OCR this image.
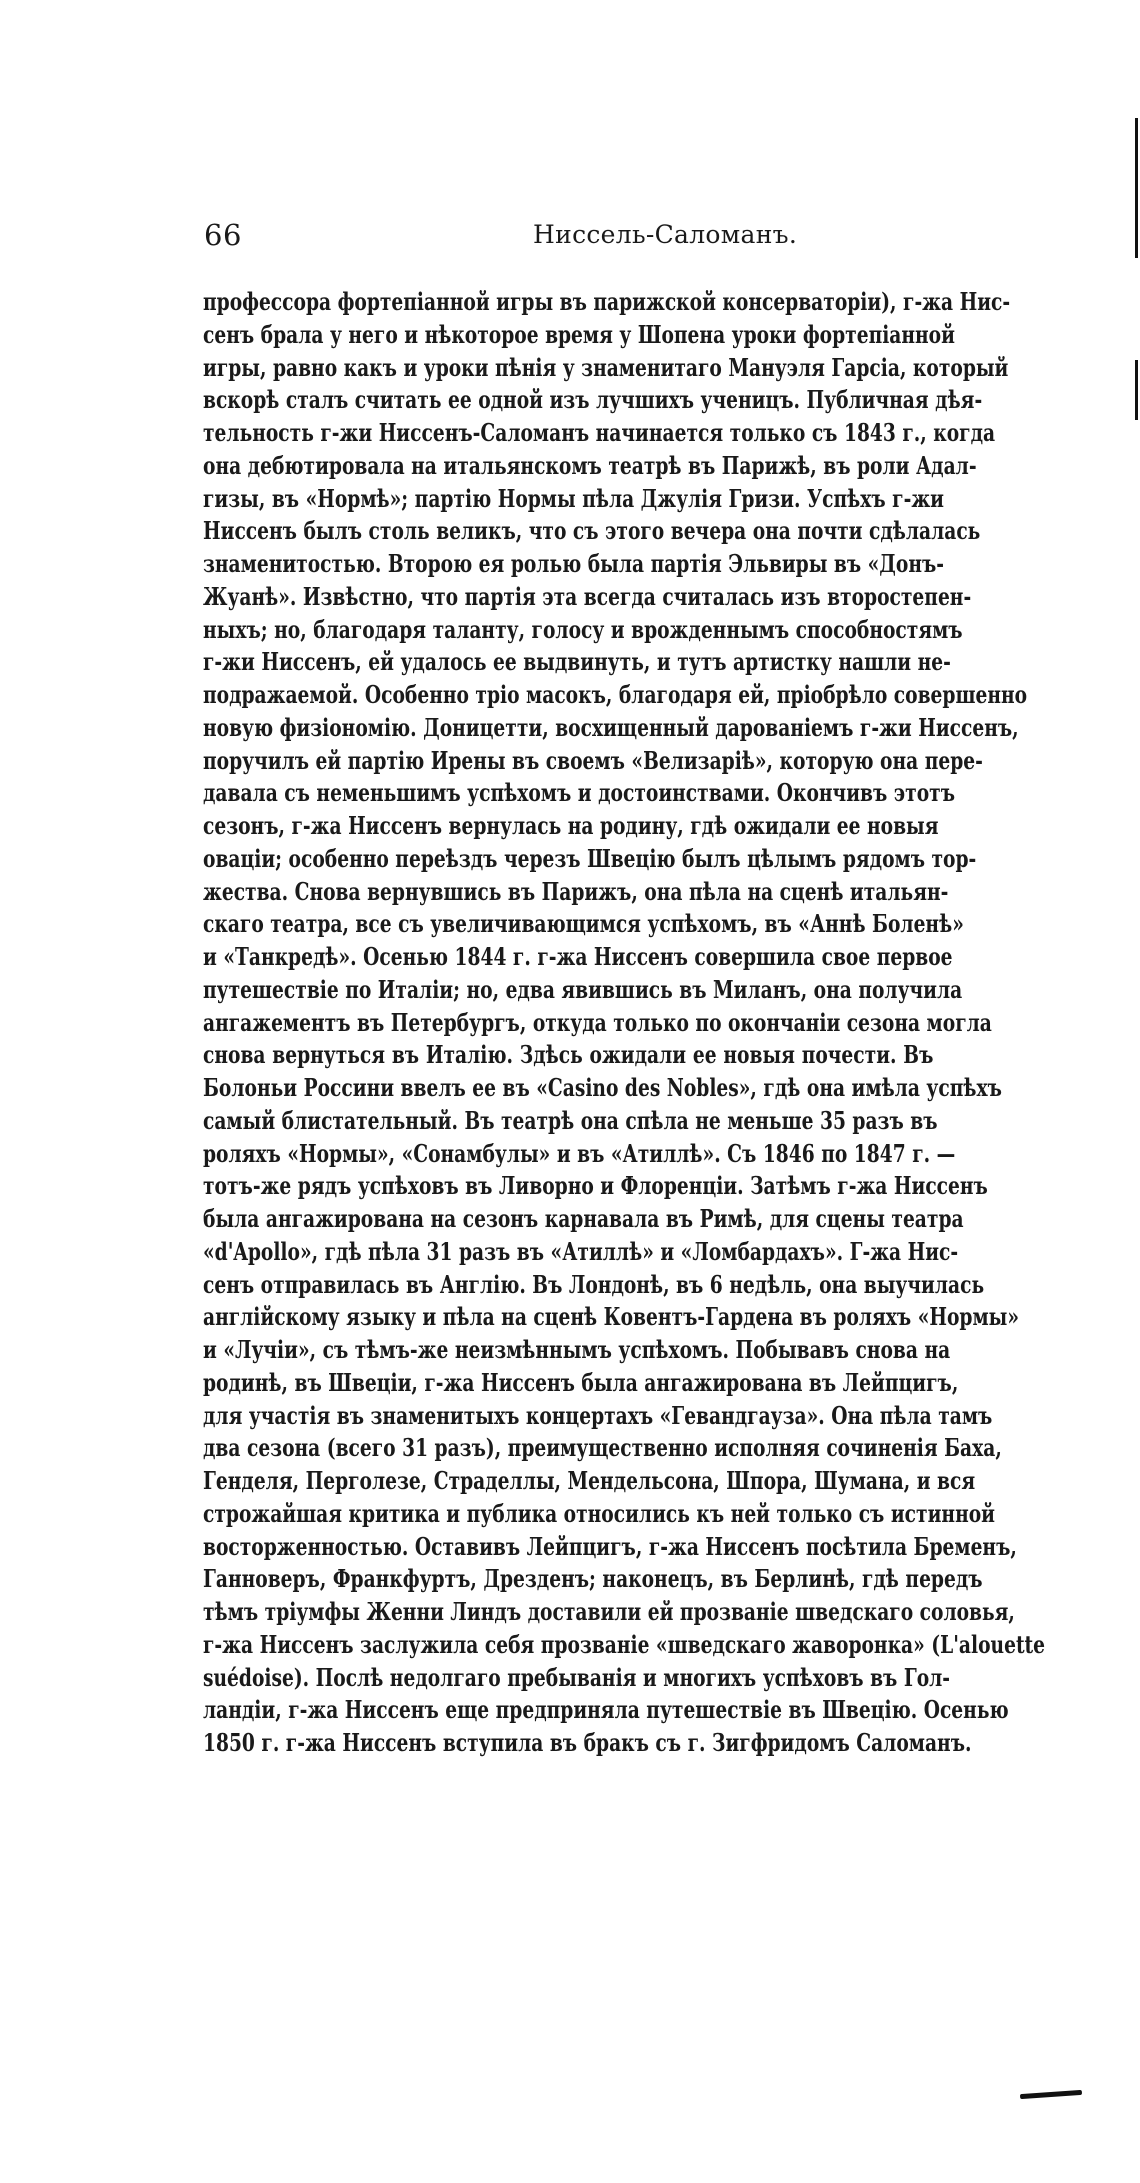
66	Ниссель-Саломанъ.
профессора фортепіанной игры въ парижской консерваторіи), г-жа Нис-
сенъ брала у него и нѣкоторое время у Шопена уроки фортепіанной
игры, равно какъ и уроки пѣнія у знаменитаго Мануэля Гарсіа, который
вскорѣ сталъ считать ее одной изъ лучшихъ ученицъ. Публичная дѣя-
тельность г-жи Ниссенъ-Саломанъ начинается только съ 1843 г., когда
она дебютировала на итальянскомъ театрѣ въ Парижѣ, въ роли Адал-
гизы, въ «Нормѣ»; партію Нормы пѣла Джулія Гризи. Успѣхъ г-жи
Ниссенъ былъ столь великъ, что съ этого вечера она почти сдѣлалась
знаменитостью. Второю ея ролью была партія Эльвиры въ «Донъ-
Жуанѣ». Извѣстно, что партія эта всегда считалась изъ второстепен-
ныхъ; но, благодаря таланту, голосу и врожденнымъ способностямъ
г-жи Ниссенъ, ей удалось ее выдвинуть, и тутъ артистку нашли не-
подражаемой. Особенно тріо масокъ, благодаря ей, пріобрѣло совершенно
новую физіономію. Доницетти, восхищенный дарованіемъ г-жи Ниссенъ,
поручилъ ей партію Ирены въ своемъ «Велизаріѣ», которую она пере-
давала съ неменьшимъ успѣхомъ и достоинствами. Окончивъ этотъ
сезонъ, г-жа Ниссенъ вернулась на родину, гдѣ ожидали ее новыя
оваціи; особенно переѣздъ черезъ Швецію былъ цѣлымъ рядомъ тор-
жества. Снова вернувшись въ Парижъ, она пѣла на сценѣ итальян-
скаго театра, все съ увеличивающимся успѣхомъ, въ «Аннѣ Боленѣ»
и «Танкредѣ». Осенью 1844 г. г-жа Ниссенъ совершила свое первое
путешествіе по Италіи; но, едва явившись въ Миланъ, она получила
ангажементъ въ Петербургъ, откуда только по окончаніи сезона могла
снова вернуться въ Италію. Здѣсь ожидали ее новыя почести. Въ
Болоньи Россини ввелъ ее въ «Casino des Nobles», гдѣ она имѣла успѣхъ
самый блистательный. Въ театрѣ она спѣла не меньше 35 разъ въ
роляхъ «Нормы», «Сонамбулы» и въ «Атиллѣ». Съ 1846 по 1847 г. —
тотъ-же рядъ успѣховъ въ Ливорно и Флоренціи. Затѣмъ г-жа Ниссенъ
была ангажирована на сезонъ карнавала въ Римѣ, для сцены театра
«d'Apollo», гдѣ пѣла 31 разъ въ «Атиллѣ» и «Ломбардахъ». Г-жа Нис-
сенъ отправилась въ Англію. Въ Лондонѣ, въ 6 недѣль, она выучилась
англійскому языку и пѣла на сценѣ Ковентъ-Гардена въ роляхъ «Нормы»
и «Лучіи», съ тѣмъ-же неизмѣннымъ успѣхомъ. Побывавъ снова на
родинѣ, въ Швеціи, г-жа Ниссенъ была ангажирована въ Лейпцигъ,
для участія въ знаменитыхъ концертахъ «Гевандгауза». Она пѣла тамъ
два сезона (всего 31 разъ), преимущественно исполняя сочиненія Баха,
Генделя, Перголезе, Страделлы, Мендельсона, Шпора, Шумана, и вся
строжайшая критика и публика относились къ ней только съ истинной
восторженностью. Оставивъ Лейпцигъ, г-жа Ниссенъ посѣтила Бременъ,
Ганноверъ, Франкфуртъ, Дрезденъ; наконецъ, въ Берлинѣ, гдѣ передъ
тѣмъ тріумфы Женни Линдъ доставили ей прозваніе шведскаго соловья,
г-жа Ниссенъ заслужила себя прозваніе «шведскаго жаворонка» (L'alouette
suédoise). Послѣ недолгаго пребыванія и многихъ успѣховъ въ Гол-
ландіи, г-жа Ниссенъ еще предприняла путешествіе въ Швецію. Осенью
1850 г. г-жа Ниссенъ вступила въ бракъ съ г. Зигфридомъ Саломанъ.
